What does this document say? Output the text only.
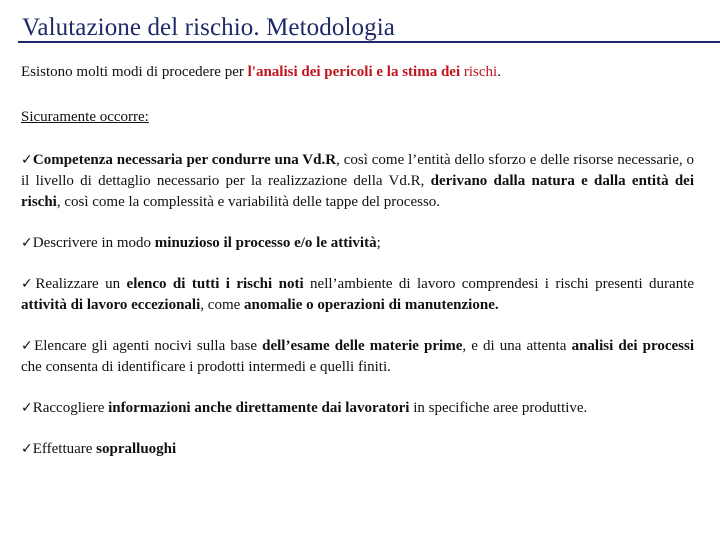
Valutazione del rischio. Metodologia

Esistono molti modi di procedere per l'analisi dei pericoli e la stima dei rischi.

Sicuramente occorre:

✓Competenza necessaria per condurre una Vd.R, così come l’entità dello sforzo e delle risorse necessarie, o il livello di dettaglio necessario per la realizzazione della Vd.R, derivano dalla natura e dalla entità dei rischi, così come la complessità e variabilità delle tappe del processo.

✓Descrivere in modo minuzioso il processo e/o le attività;

✓Realizzare un elenco di tutti i rischi noti nell’ambiente di lavoro comprendesi i rischi presenti durante attività di lavoro eccezionali, come anomalie o operazioni di manutenzione.

✓Elencare gli agenti nocivi sulla base dell’esame delle materie prime, e di una attenta analisi dei processi che consenta di identificare i prodotti intermedi e quelli finiti.

✓Raccogliere informazioni anche direttamente dai lavoratori in specifiche aree produttive.

✓Effettuare sopralluoghi
